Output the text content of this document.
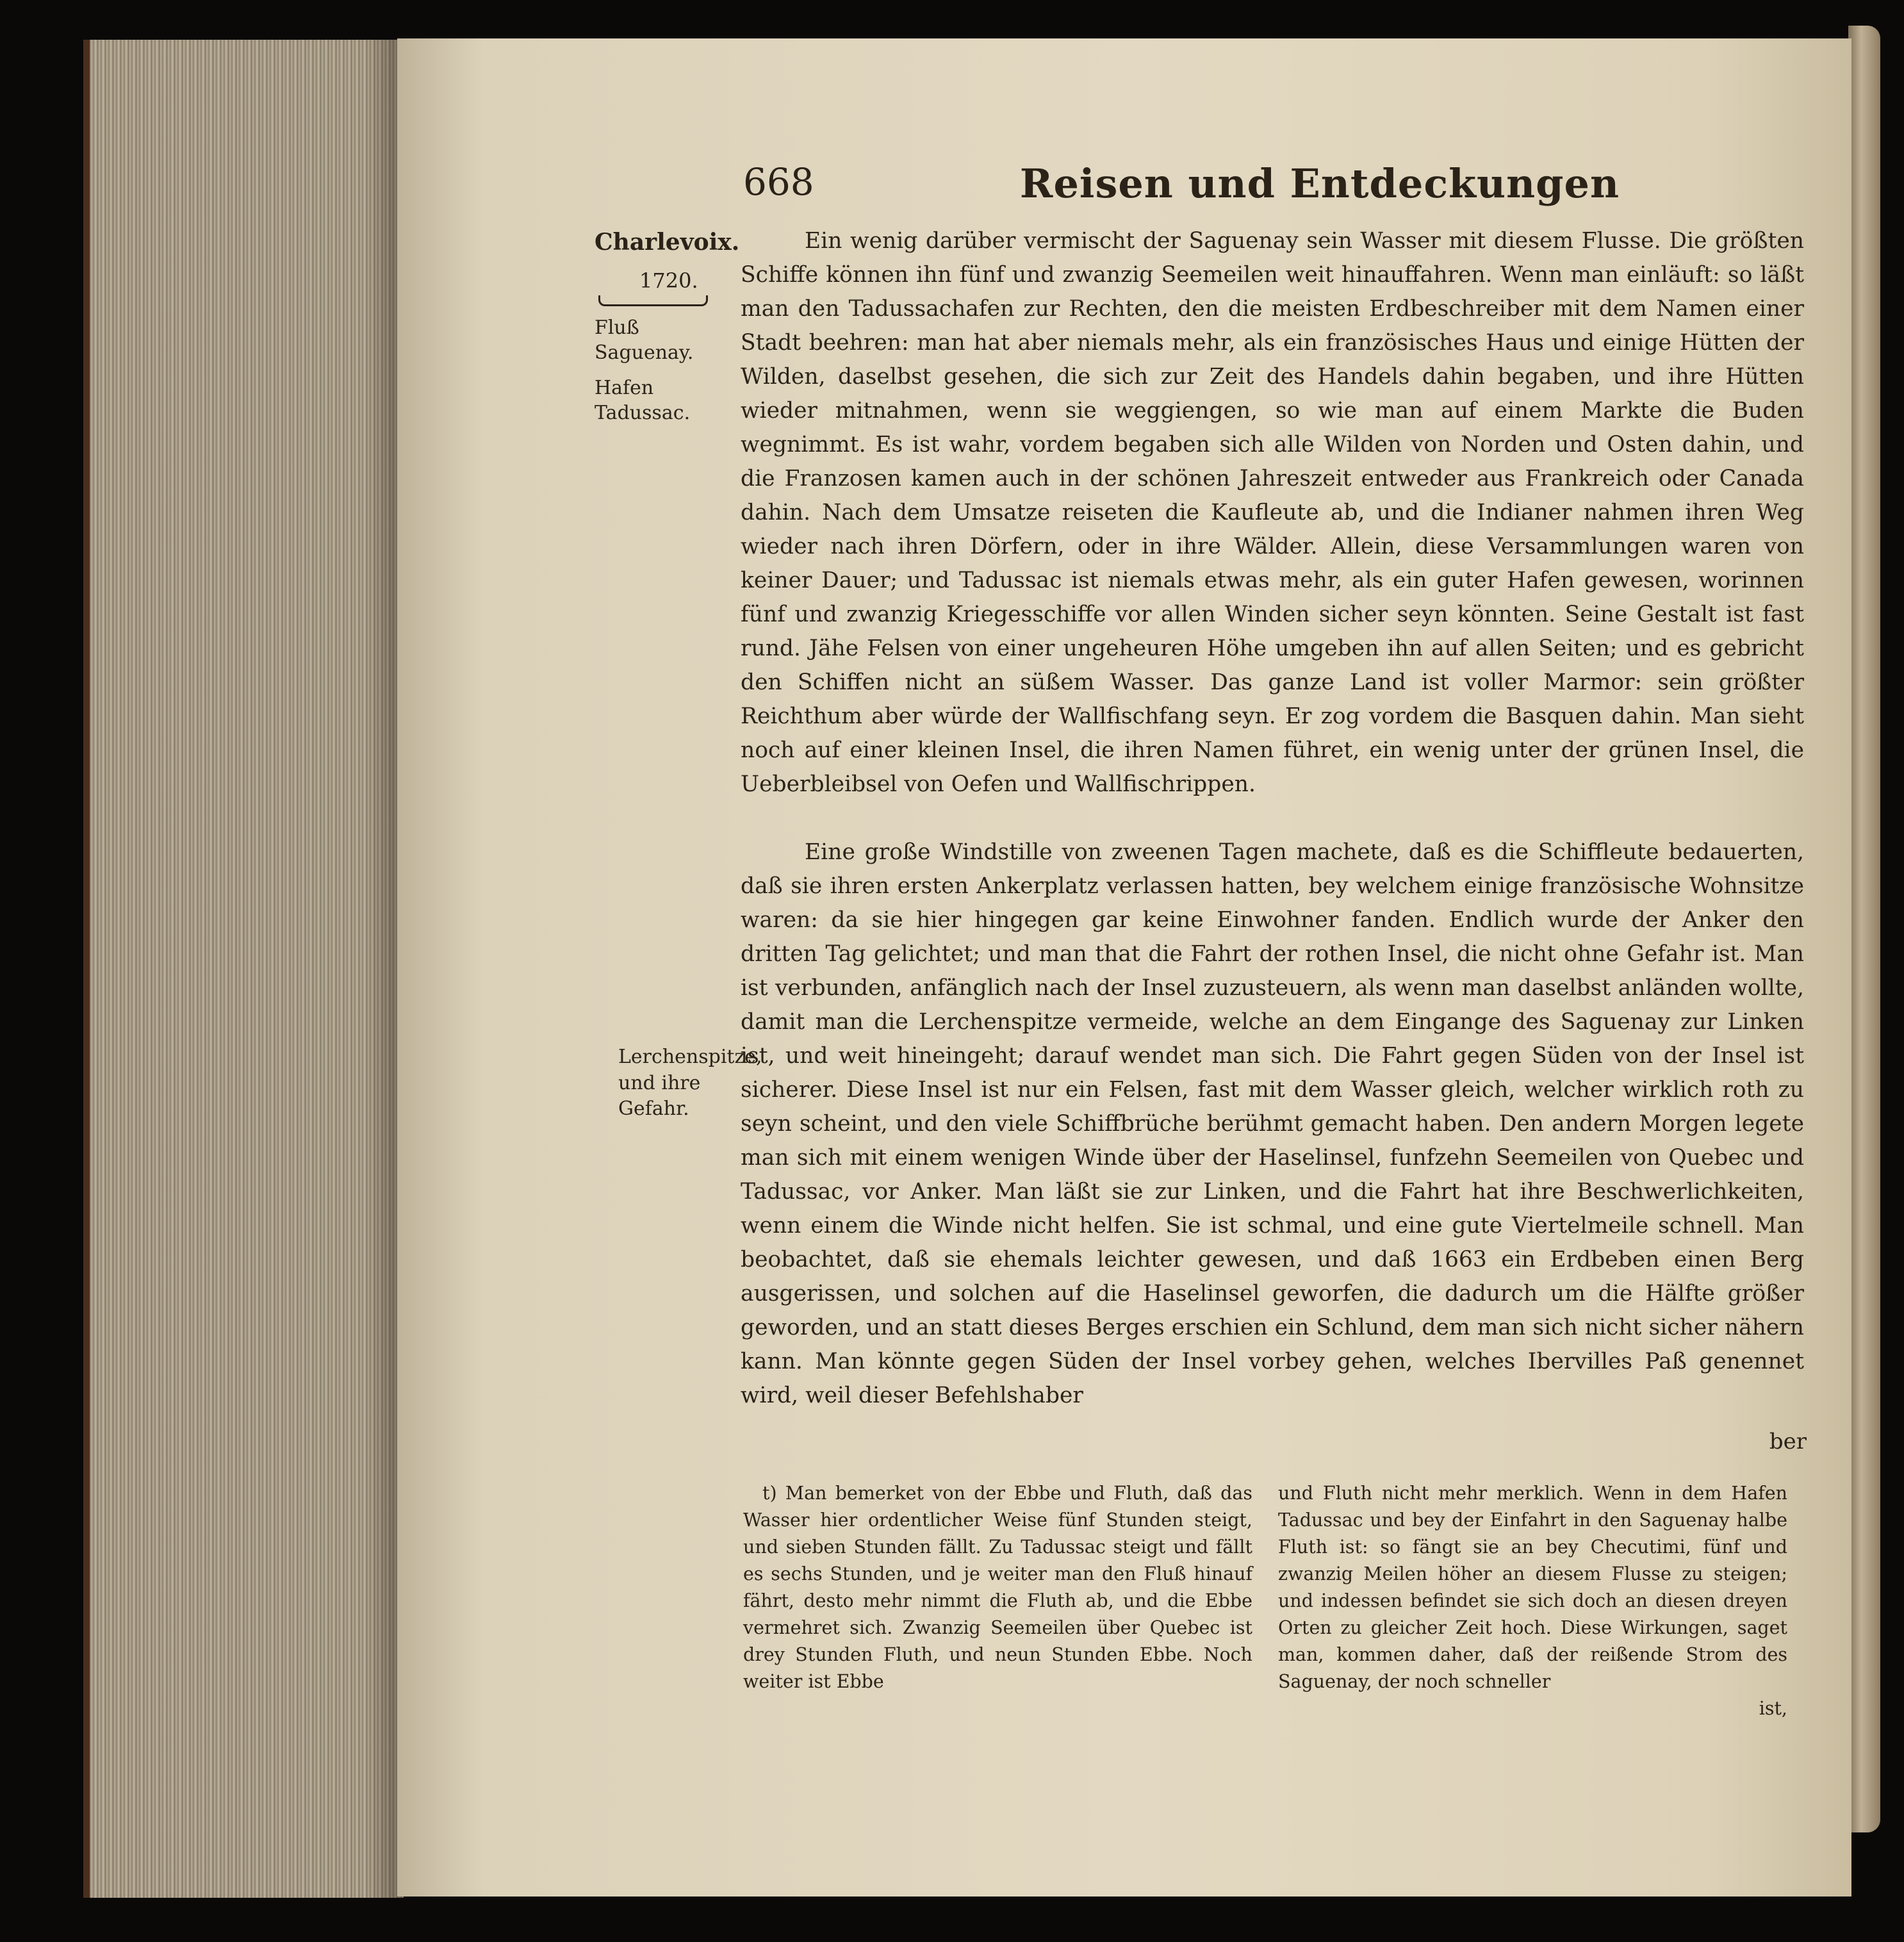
668	Reisen und Entdeckungen

Charlevoix.

1720.

Fluß Saguenay.

Hafen Tadussac.

Lerchenspitze, und ihre Gefahr.

Ein wenig darüber vermischt der Saguenay sein Wasser mit diesem Flusse. Die größten Schiffe können ihn fünf und zwanzig Seemeilen weit hinauffahren. Wenn man einläuft: so läßt man den Tadussachafen zur Rechten, den die meisten Erdbeschreiber mit dem Namen einer Stadt beehren: man hat aber niemals mehr, als ein französisches Haus und einige Hütten der Wilden, daselbst gesehen, die sich zur Zeit des Handels dahin begaben, und ihre Hütten wieder mitnahmen, wenn sie weggiengen, so wie man auf einem Markte die Buden wegnimmt. Es ist wahr, vordem begaben sich alle Wilden von Norden und Osten dahin, und die Franzosen kamen auch in der schönen Jahreszeit entweder aus Frankreich oder Canada dahin. Nach dem Umsatze reiseten die Kaufleute ab, und die Indianer nahmen ihren Weg wieder nach ihren Dörfern, oder in ihre Wälder. Allein, diese Versammlungen waren von keiner Dauer; und Tadussac ist niemals etwas mehr, als ein guter Hafen gewesen, worinnen fünf und zwanzig Kriegesschiffe vor allen Winden sicher seyn könnten. Seine Gestalt ist fast rund. Jähe Felsen von einer ungeheuren Höhe umgeben ihn auf allen Seiten; und es gebricht den Schiffen nicht an süßem Wasser. Das ganze Land ist voller Marmor: sein größter Reichthum aber würde der Wallfischfang seyn. Er zog vordem die Basquen dahin. Man sieht noch auf einer kleinen Insel, die ihren Namen führet, ein wenig unter der grünen Insel, die Ueberbleibsel von Oefen und Wallfischrippen.

Eine große Windstille von zweenen Tagen machete, daß es die Schiffleute bedauerten, daß sie ihren ersten Ankerplatz verlassen hatten, bey welchem einige französische Wohnsitze waren: da sie hier hingegen gar keine Einwohner fanden. Endlich wurde der Anker den dritten Tag gelichtet; und man that die Fahrt der rothen Insel, die nicht ohne Gefahr ist. Man ist verbunden, anfänglich nach der Insel zuzusteuern, als wenn man daselbst anländen wollte, damit man die Lerchenspitze vermeide, welche an dem Eingange des Saguenay zur Linken ist, und weit hineingeht; darauf wendet man sich. Die Fahrt gegen Süden von der Insel ist sicherer. Diese Insel ist nur ein Felsen, fast mit dem Wasser gleich, welcher wirklich roth zu seyn scheint, und den viele Schiffbrüche berühmt gemacht haben. Den andern Morgen legete man sich mit einem wenigen Winde über der Haselinsel, funfzehn Seemeilen von Quebec und Tadussac, vor Anker. Man läßt sie zur Linken, und die Fahrt hat ihre Beschwerlichkeiten, wenn einem die Winde nicht helfen. Sie ist schmal, und eine gute Viertelmeile schnell. Man beobachtet, daß sie ehemals leichter gewesen, und daß 1663 ein Erdbeben einen Berg ausgerissen, und solchen auf die Haselinsel geworfen, die dadurch um die Hälfte größer geworden, und an statt dieses Berges erschien ein Schlund, dem man sich nicht sicher nähern kann. Man könnte gegen Süden der Insel vorbey gehen, welches Ibervilles Paß genennet wird, weil dieser Befehlshaber

ber
t) Man bemerket von der Ebbe und Fluth, daß das Wasser hier ordentlicher Weise fünf Stunden steigt, und sieben Stunden fällt. Zu Tadussac steigt und fällt es sechs Stunden, und je weiter man den Fluß hinauf fährt, desto mehr nimmt die Fluth ab, und die Ebbe vermehret sich. Zwanzig Seemeilen über Quebec ist drey Stunden Fluth, und neun Stunden Ebbe. Noch weiter ist Ebbe
und Fluth nicht mehr merklich. Wenn in dem Hafen Tadussac und bey der Einfahrt in den Saguenay halbe Fluth ist: so fängt sie an bey Checutimi, fünf und zwanzig Meilen höher an diesem Flusse zu steigen; und indessen befindet sie sich doch an diesen dreyen Orten zu gleicher Zeit hoch. Diese Wirkungen, saget man, kommen daher, daß der reißende Strom des Saguenay, der noch schneller
ist,
